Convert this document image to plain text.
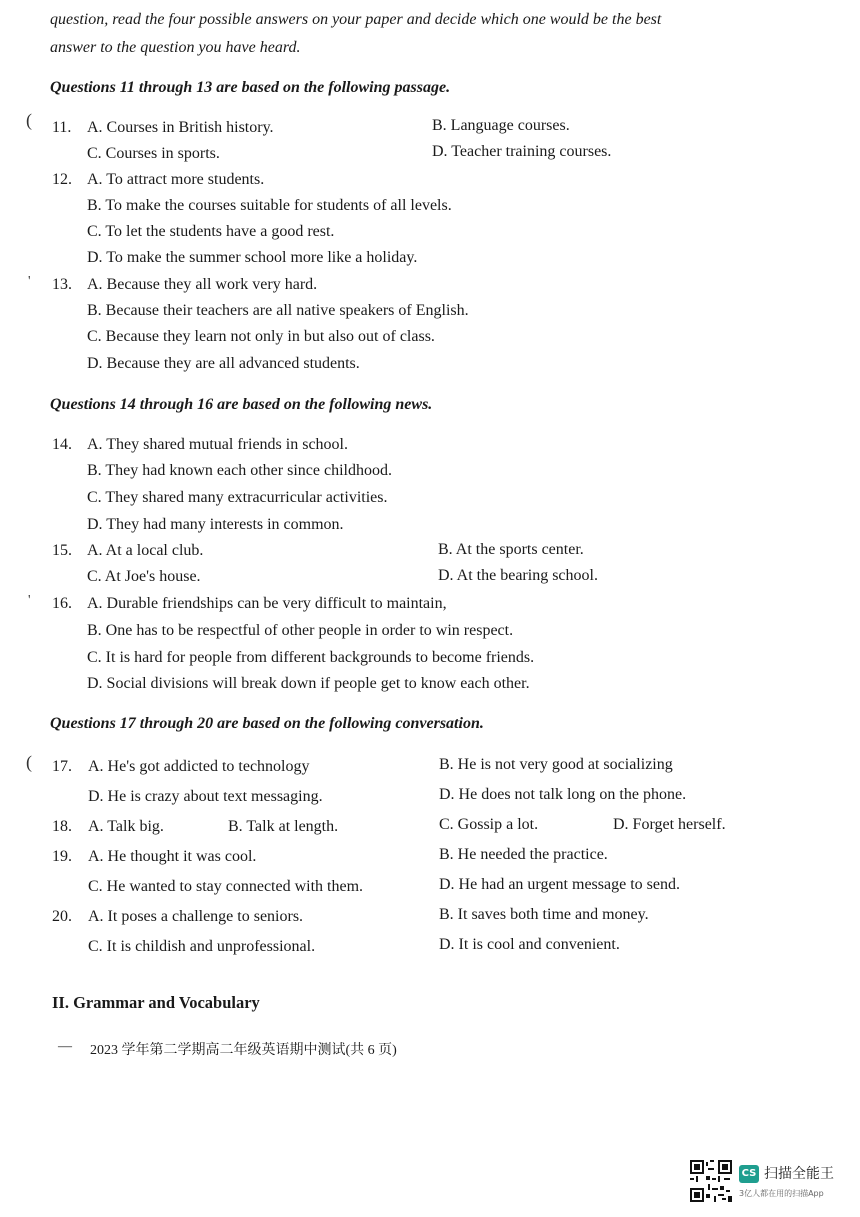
question, read the four possible answers on your paper and decide which one would be the best
answer to the question you have heard.
Questions 11 through 13 are based on the following passage.
( 11. A. Courses in British history.	B. Language courses.
C. Courses in sports.	D. Teacher training courses.
12. A. To attract more students.
B. To make the courses suitable for students of all levels.
C. To let the students have a good rest.
D. To make the summer school more like a holiday.
' 13. A. Because they all work very hard.
B. Because their teachers are all native speakers of English.
C. Because they learn not only in but also out of class.
D. Because they are all advanced students.
Questions 14 through 16 are based on the following news.
14. A. They shared mutual friends in school.
B. They had known each other since childhood.
C. They shared many extracurricular activities.
D. They had many interests in common.
15. A. At a local club.	B. At the sports center.
C. At Joe's house.	D. At the bearing school.
' 16. A. Durable friendships can be very difficult to maintain,
B. One has to be respectful of other people in order to win respect.
C. It is hard for people from different backgrounds to become friends.
D. Social divisions will break down if people get to know each other.
Questions 17 through 20 are based on the following conversation.
( 17. A. He's got addicted to technology	B. He is not very good at socializing
D. He is crazy about text messaging.	D. He does not talk long on the phone.
18. A. Talk big.	B. Talk at length.	C. Gossip a lot.	D. Forget herself.
19. A. He thought it was cool.	B. He needed the practice.
C. He wanted to stay connected with them.	D. He had an urgent message to send.
20. A. It poses a challenge to seniors.	B. It saves both time and money.
C. It is childish and unprofessional.	D. It is cool and convenient.
II. Grammar and Vocabulary
— 2023 学年第二学期高二年级英语期中测试(共 6 页)
CS 扫描全能王
3亿人都在用的扫描App
